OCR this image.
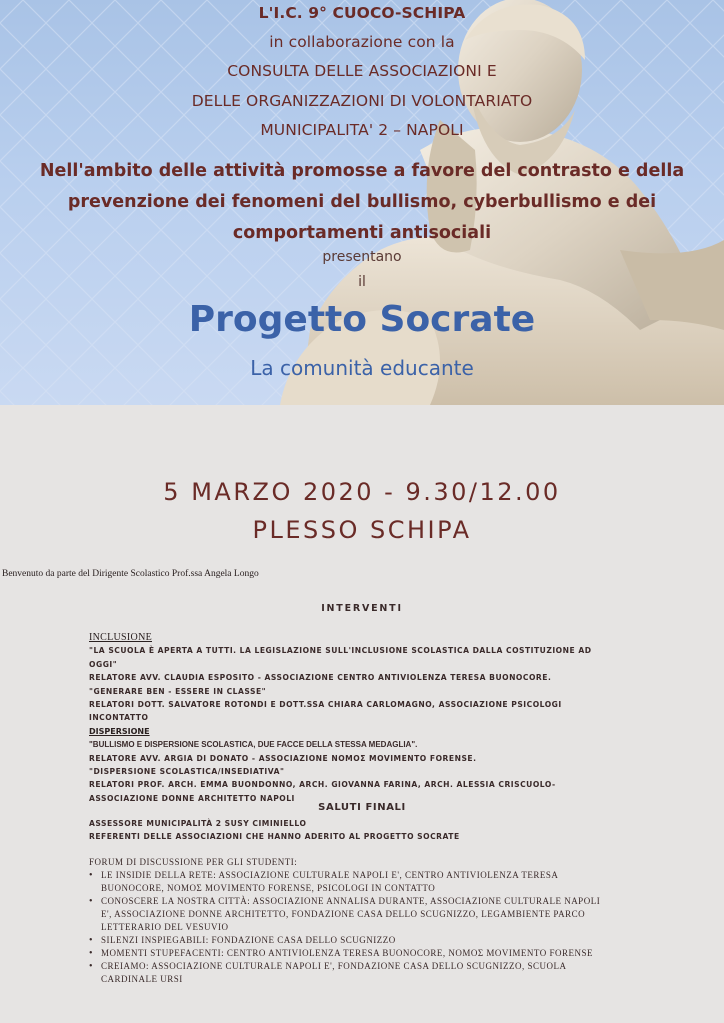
L'I.C. 9° CUOCO-SCHIPA
in collaborazione con la
CONSULTA DELLE ASSOCIAZIONI E
DELLE ORGANIZZAZIONI DI VOLONTARIATO
MUNICIPALITA' 2 – NAPOLI
Nell'ambito delle attività promosse a favore del contrasto e della
prevenzione dei fenomeni del bullismo, cyberbullismo e dei
comportamenti antisociali
presentano
il
Progetto Socrate
La comunità educante
5 MARZO 2020 - 9.30/12.00
PLESSO SCHIPA
Benvenuto da parte del Dirigente Scolastico Prof.ssa Angela Longo
INTERVENTI
INCLUSIONE
"LA SCUOLA È APERTA A TUTTI. LA LEGISLAZIONE SULL'INCLUSIONE SCOLASTICA DALLA COSTITUZIONE AD
OGGI"
RELATORE AVV. CLAUDIA ESPOSITO - ASSOCIAZIONE CENTRO ANTIVIOLENZA TERESA BUONOCORE.
"GENERARE BEN - ESSERE IN CLASSE"
RELATORI DOTT. SALVATORE ROTONDI E DOTT.SSA CHIARA CARLOMAGNO, ASSOCIAZIONE PSICOLOGI
INCONTATTO
DISPERSIONE
"BULLISMO E DISPERSIONE SCOLASTICA, DUE FACCE DELLA STESSA MEDAGLIA".
RELATORE AVV. ARGIA DI DONATO - ASSOCIAZIONE NOMOΣ MOVIMENTO FORENSE.
"DISPERSIONE SCOLASTICA/INSEDIATIVA"
RELATORI PROF. ARCH. EMMA BUONDONNO, ARCH. GIOVANNA FARINA, ARCH. ALESSIA CRISCUOLO-
ASSOCIAZIONE DONNE ARCHITETTO NAPOLI
SALUTI FINALI
ASSESSORE MUNICIPALITÀ 2 SUSY CIMINIELLO
REFERENTI DELLE ASSOCIAZIONI CHE HANNO ADERITO AL PROGETTO SOCRATE
FORUM DI DISCUSSIONE PER GLI STUDENTI:
• LE INSIDIE DELLA RETE: ASSOCIAZIONE CULTURALE NAPOLI E', CENTRO ANTIVIOLENZA TERESA
BUONOCORE, NOMOΣ MOVIMENTO FORENSE, PSICOLOGI IN CONTATTO
• CONOSCERE LA NOSTRA CITTÀ: ASSOCIAZIONE ANNALISA DURANTE, ASSOCIAZIONE CULTURALE NAPOLI
E', ASSOCIAZIONE DONNE ARCHITETTO, FONDAZIONE CASA DELLO SCUGNIZZO, LEGAMBIENTE PARCO
LETTERARIO DEL VESUVIO
• SILENZI INSPIEGABILI: FONDAZIONE CASA DELLO SCUGNIZZO
• MOMENTI STUPEFACENTI: CENTRO ANTIVIOLENZA TERESA BUONOCORE, NOMOΣ MOVIMENTO FORENSE
• CREIAMO: ASSOCIAZIONE CULTURALE NAPOLI E', FONDAZIONE CASA DELLO SCUGNIZZO, SCUOLA
CARDINALE URSI
